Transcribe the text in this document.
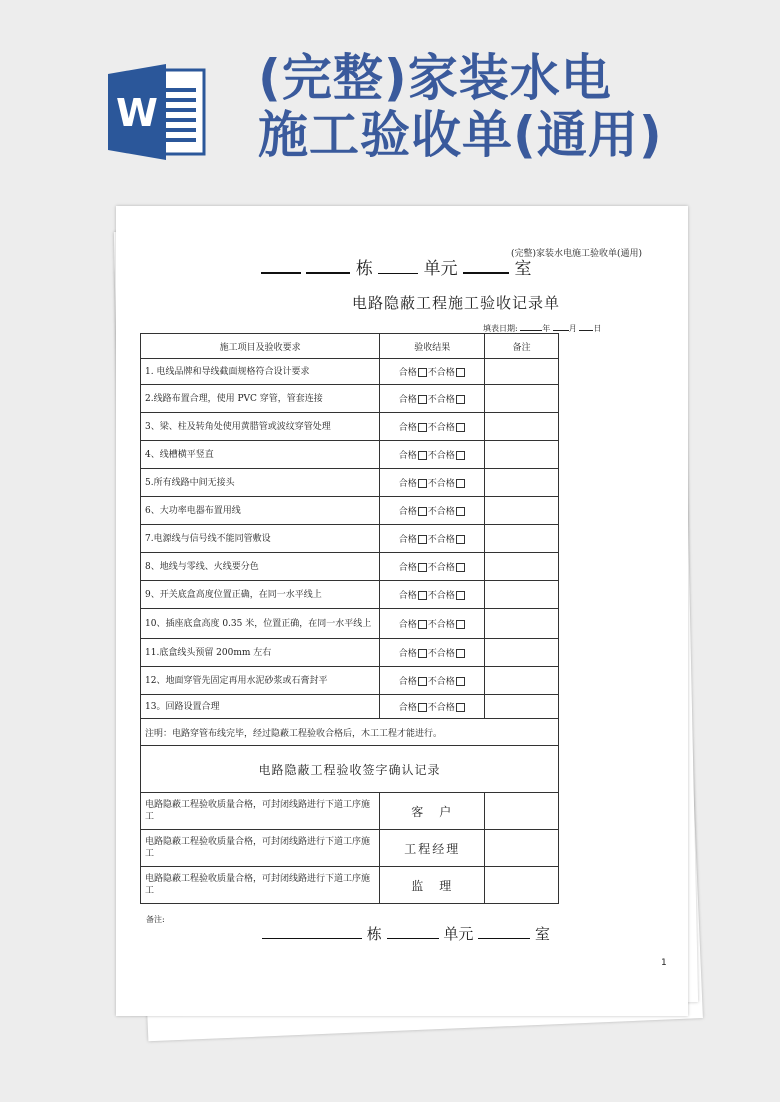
W
(完整)家装水电
施工验收单(通用)
(完整)家装水电施工验收单(通用)
栋	单元	室
电路隐蔽工程施工验收记录单
填表日期:	年 月 日
施工项目及验收要求	验收结果	备注
1. 电线品牌和导线截面规格符合设计要求	合格 不合格	
2.线路布置合理，使用 PVC 穿管，管套连接	合格 不合格	
3、梁、柱及转角处使用黄腊管或波纹穿管处理	合格 不合格	
4、线槽横平竖直	合格 不合格	
5.所有线路中间无接头	合格 不合格	
6、大功率电器布置用线	合格 不合格	
7.电源线与信号线不能同管敷设	合格 不合格	
8、地线与零线、火线要分色	合格 不合格	
9、开关底盒高度位置正确，在同一水平线上	合格 不合格	
10、插座底盒高度 0.35 米，位置正确，在同一水平线上	合格 不合格	
11.底盒线头预留 200mm 左右	合格 不合格	
12、地面穿管先固定再用水泥砂浆或石膏封平	合格 不合格	
13。回路设置合理	合格 不合格	
注明：电路穿管布线完毕，经过隐蔽工程验收合格后，木工工程才能进行。		
电路隐蔽工程验收签字确认记录		
电路隐蔽工程验收质量合格，可封闭线路进行下道工序施工	客　户	
电路隐蔽工程验收质量合格，可封闭线路进行下道工序施工	工程经理	
电路隐蔽工程验收质量合格，可封闭线路进行下道工序施工	监　理	
备注:
栋	单元	室
1
